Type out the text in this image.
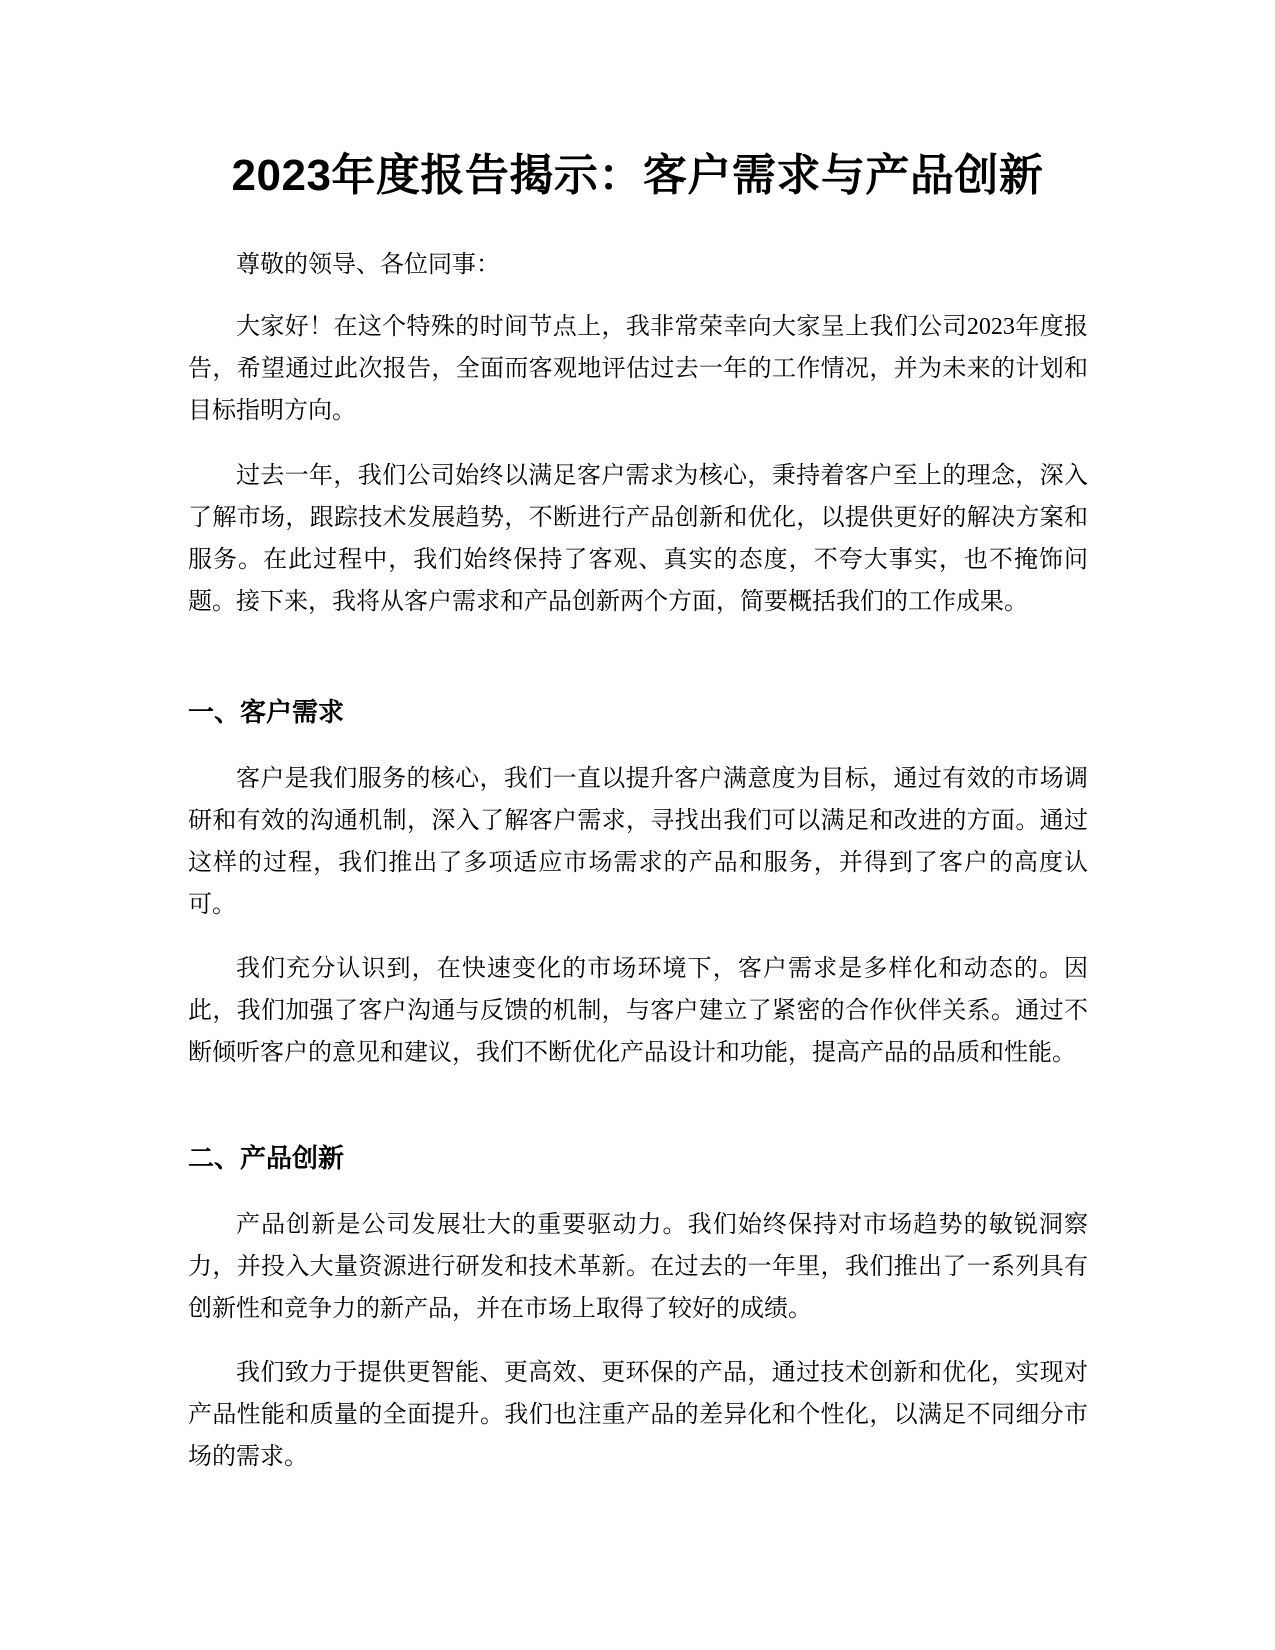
2023年度报告揭示：客户需求与产品创新

尊敬的领导、各位同事：

大家好！在这个特殊的时间节点上，我非常荣幸向大家呈上我们公司2023年度报告，希望通过此次报告，全面而客观地评估过去一年的工作情况，并为未来的计划和目标指明方向。

过去一年，我们公司始终以满足客户需求为核心，秉持着客户至上的理念，深入了解市场，跟踪技术发展趋势，不断进行产品创新和优化，以提供更好的解决方案和服务。在此过程中，我们始终保持了客观、真实的态度，不夸大事实，也不掩饰问题。接下来，我将从客户需求和产品创新两个方面，简要概括我们的工作成果。

一、客户需求

客户是我们服务的核心，我们一直以提升客户满意度为目标，通过有效的市场调研和有效的沟通机制，深入了解客户需求，寻找出我们可以满足和改进的方面。通过这样的过程，我们推出了多项适应市场需求的产品和服务，并得到了客户的高度认可。

我们充分认识到，在快速变化的市场环境下，客户需求是多样化和动态的。因此，我们加强了客户沟通与反馈的机制，与客户建立了紧密的合作伙伴关系。通过不断倾听客户的意见和建议，我们不断优化产品设计和功能，提高产品的品质和性能。

二、产品创新

产品创新是公司发展壮大的重要驱动力。我们始终保持对市场趋势的敏锐洞察力，并投入大量资源进行研发和技术革新。在过去的一年里，我们推出了一系列具有创新性和竞争力的新产品，并在市场上取得了较好的成绩。

我们致力于提供更智能、更高效、更环保的产品，通过技术创新和优化，实现对产品性能和质量的全面提升。我们也注重产品的差异化和个性化，以满足不同细分市场的需求。
